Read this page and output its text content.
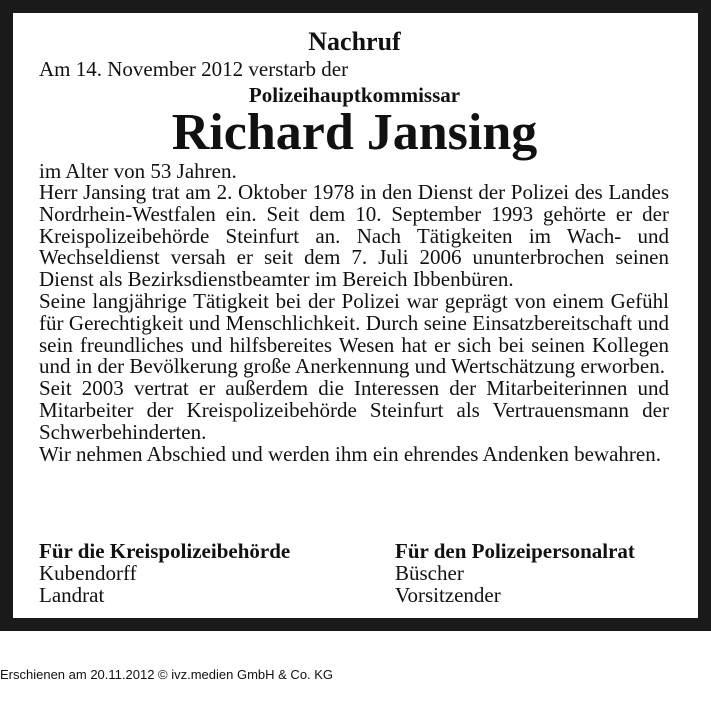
Nachruf
Am 14. November 2012 verstarb der
Polizeihauptkommissar
Richard Jansing
im Alter von 53 Jahren.

Herr Jansing trat am 2. Oktober 1978 in den Dienst der Polizei des Landes Nordrhein-Westfalen ein. Seit dem 10. September 1993 gehörte er der Kreispolizeibehörde Steinfurt an. Nach Tätigkeiten im Wach- und Wechseldienst versah er seit dem 7. Juli 2006 ununterbrochen seinen Dienst als Bezirksdienstbeamter im Bereich Ibbenbüren.

Seine langjährige Tätigkeit bei der Polizei war geprägt von einem Gefühl für Gerechtigkeit und Menschlichkeit. Durch seine Einsatzbereitschaft und sein freundliches und hilfsbereites Wesen hat er sich bei seinen Kollegen und in der Bevölkerung große Anerkennung und Wertschätzung erworben.

Seit 2003 vertrat er außerdem die Interessen der Mitarbeiterinnen und Mitarbeiter der Kreispolizeibehörde Steinfurt als Vertrauensmann der Schwerbehinderten.

Wir nehmen Abschied und werden ihm ein ehrendes Andenken bewahren.

Für die Kreispolizeibehörde
Kubendorff
Landrat
Für den Polizeipersonalrat
Büscher
Vorsitzender
Erschienen am 20.11.2012 © ivz.medien GmbH & Co. KG
